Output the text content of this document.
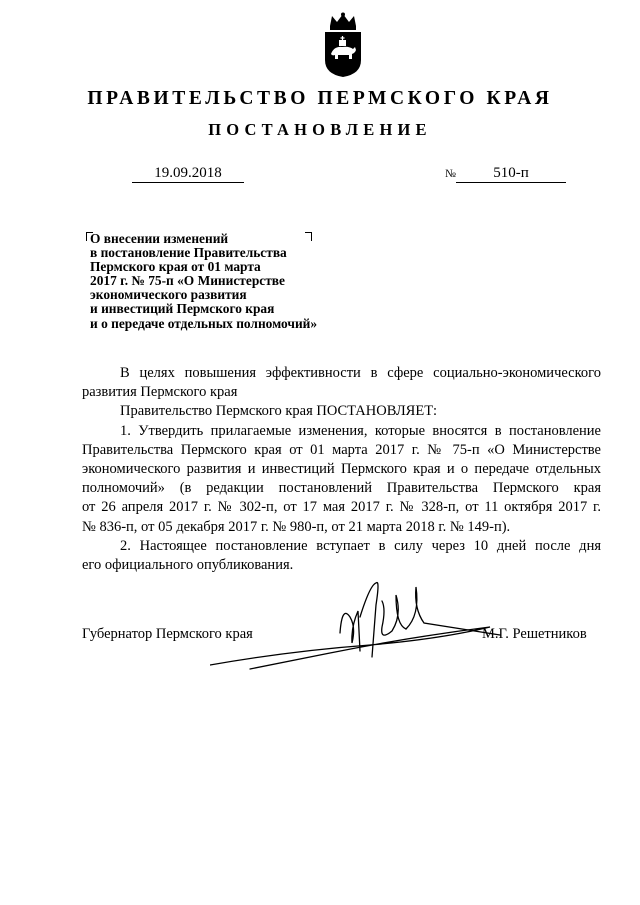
ПРАВИТЕЛЬСТВО ПЕРМСКОГО КРАЯ
ПОСТАНОВЛЕНИЕ
19.09.2018	№	510-п
О внесении изменений
в постановление Правительства
Пермского края от 01 марта
2017 г. № 75-п «О Министерстве
экономического развития
и инвестиций Пермского края
и о передаче отдельных полномочий»
В целях повышения эффективности в сфере социально-экономического
развития Пермского края
Правительство Пермского края ПОСТАНОВЛЯЕТ:
1. Утвердить прилагаемые изменения, которые вносятся в постановление
Правительства Пермского края от 01 марта 2017 г. № 75-п «О Министерстве
экономического развития и инвестиций Пермского края и о передаче отдельных
полномочий» (в редакции постановлений Правительства Пермского края
от 26 апреля 2017 г. № 302-п, от 17 мая 2017 г. № 328-п, от 11 октября 2017 г.
№ 836-п, от 05 декабря 2017 г. № 980-п, от 21 марта 2018 г. № 149-п).
2. Настоящее постановление вступает в силу через 10 дней после дня
его официального опубликования.
Губернатор Пермского края	М.Г. Решетников
